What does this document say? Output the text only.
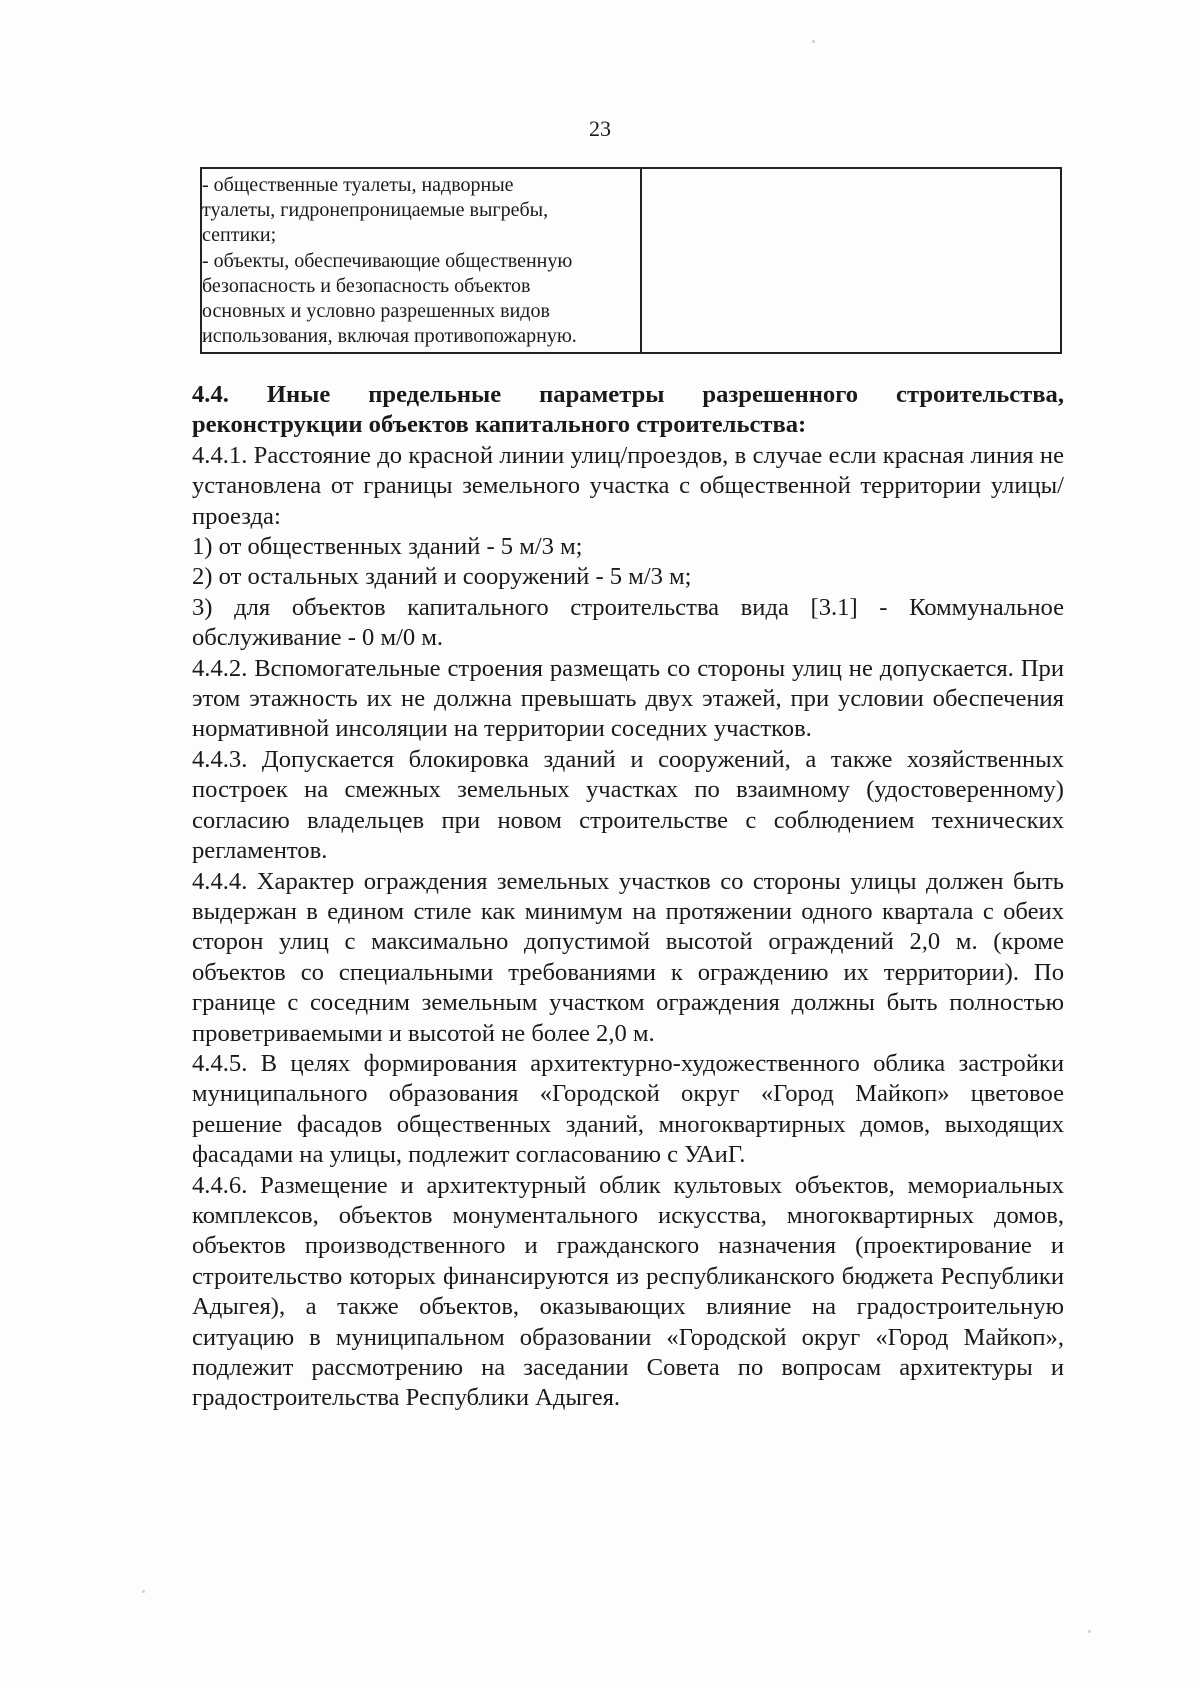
23
- общественные туалеты, надворные
туалеты, гидронепроницаемые выгребы,
септики;
- объекты, обеспечивающие общественную
безопасность и безопасность объектов
основных и условно разрешенных видов
использования, включая противопожарную.

4.4. Иные предельные параметры разрешенного строительства, реконструкции объектов капитального строительства:

4.4.1. Расстояние до красной линии улиц/проездов, в случае если красная линия не установлена от границы земельного участка с общественной территории улицы/проезда:

1) от общественных зданий - 5 м/3 м;

2) от остальных зданий и сооружений - 5 м/3 м;

3) для объектов капитального строительства вида [3.1] - Коммунальное обслуживание - 0 м/0 м.

4.4.2. Вспомогательные строения размещать со стороны улиц не допускается. При этом этажность их не должна превышать двух этажей, при условии обеспечения нормативной инсоляции на территории соседних участков.

4.4.3. Допускается блокировка зданий и сооружений, а также хозяйственных построек на смежных земельных участках по взаимному (удостоверенному) согласию владельцев при новом строительстве с соблюдением технических регламентов.

4.4.4. Характер ограждения земельных участков со стороны улицы должен быть выдержан в едином стиле как минимум на протяжении одного квартала с обеих сторон улиц с максимально допустимой высотой ограждений 2,0 м. (кроме объектов со специальными требованиями к ограждению их территории). По границе с соседним земельным участком ограждения должны быть полностью проветриваемыми и высотой не более 2,0 м.

4.4.5. В целях формирования архитектурно-художественного облика застройки муниципального образования «Городской округ «Город Майкоп» цветовое решение фасадов общественных зданий, многоквартирных домов, выходящих фасадами на улицы, подлежит согласованию с УАиГ.

4.4.6. Размещение и архитектурный облик культовых объектов, мемориальных комплексов, объектов монументального искусства, многоквартирных домов, объектов производственного и гражданского назначения (проектирование и строительство которых финансируются из республиканского бюджета Республики Адыгея), а также объектов, оказывающих влияние на градостроительную ситуацию в муниципальном образовании «Городской округ «Город Майкоп», подлежит рассмотрению на заседании Совета по вопросам архитектуры и градостроительства Республики Адыгея.
